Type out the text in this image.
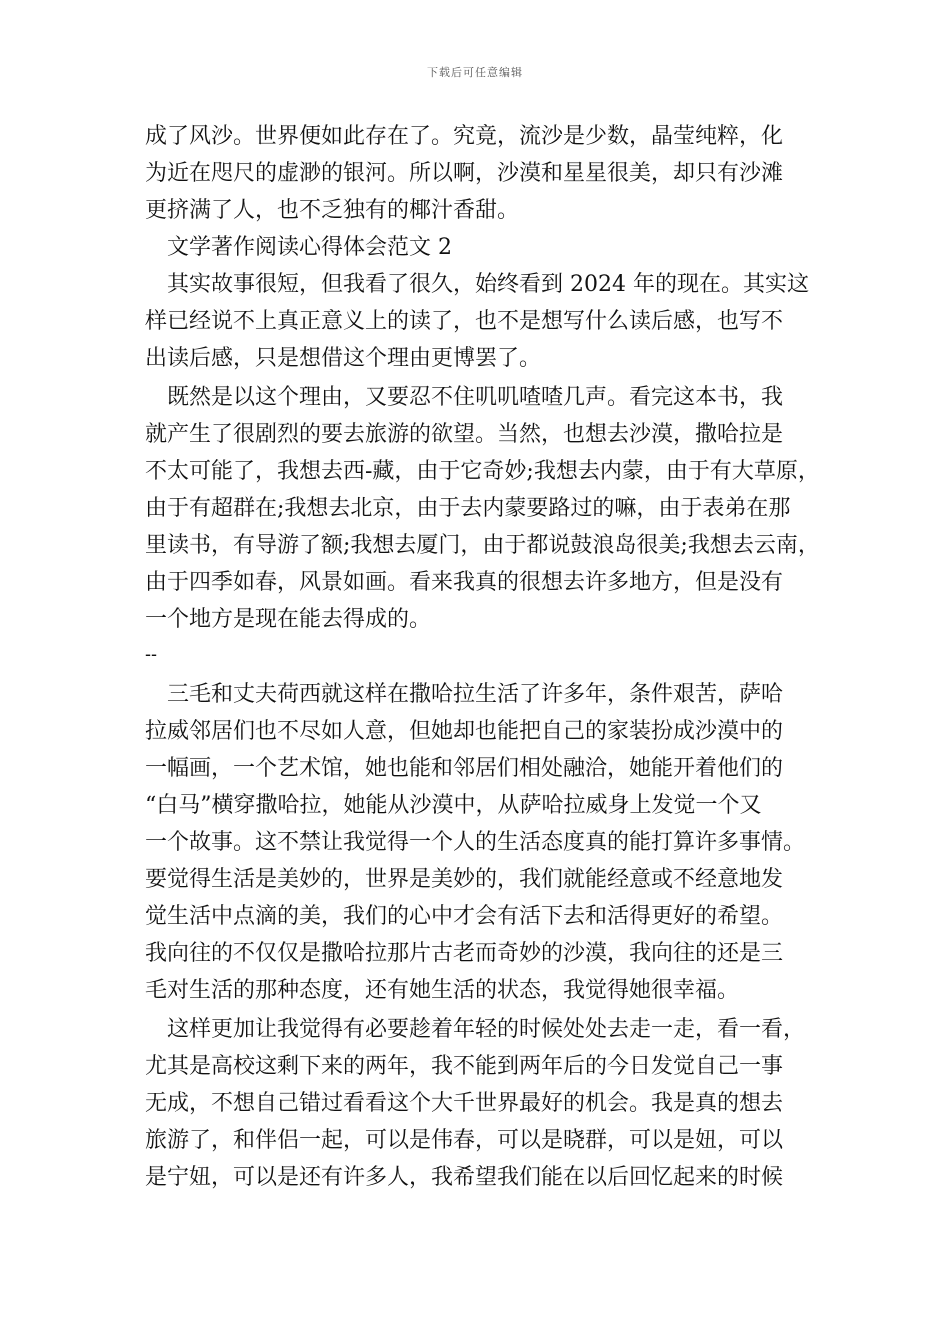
下载后可任意编辑
成了风沙。世界便如此存在了。究竟，流沙是少数，晶莹纯粹，化
为近在咫尺的虚渺的银河。所以啊，沙漠和星星很美，却只有沙滩
更挤满了人，也不乏独有的椰汁香甜。
文学著作阅读心得体会范文 2
　其实故事很短，但我看了很久，始终看到 2024 年的现在。其实这
样已经说不上真正意义上的读了，也不是想写什么读后感，也写不
出读后感，只是想借这个理由更博罢了。
　既然是以这个理由，又要忍不住叽叽喳喳几声。看完这本书，我
就产生了很剧烈的要去旅游的欲望。当然，也想去沙漠，撒哈拉是
不太可能了，我想去西-藏，由于它奇妙;我想去内蒙，由于有大草原，
由于有超群在;我想去北京，由于去内蒙要路过的嘛，由于表弟在那
里读书，有导游了额;我想去厦门，由于都说鼓浪岛很美;我想去云南，
由于四季如春，风景如画。看来我真的很想去许多地方，但是没有
一个地方是现在能去得成的。
--
　三毛和丈夫荷西就这样在撒哈拉生活了许多年，条件艰苦，萨哈
拉威邻居们也不尽如人意，但她却也能把自己的家装扮成沙漠中的
一幅画，一个艺术馆，她也能和邻居们相处融洽，她能开着他们的
“白马”横穿撒哈拉，她能从沙漠中，从萨哈拉威身上发觉一个又
一个故事。这不禁让我觉得一个人的生活态度真的能打算许多事情。
要觉得生活是美妙的，世界是美妙的，我们就能经意或不经意地发
觉生活中点滴的美，我们的心中才会有活下去和活得更好的希望。
我向往的不仅仅是撒哈拉那片古老而奇妙的沙漠，我向往的还是三
毛对生活的那种态度，还有她生活的状态，我觉得她很幸福。
　这样更加让我觉得有必要趁着年轻的时候处处去走一走，看一看，
尤其是高校这剩下来的两年，我不能到两年后的今日发觉自己一事
无成，不想自己错过看看这个大千世界最好的机会。我是真的想去
旅游了，和伴侣一起，可以是伟春，可以是晓群，可以是妞，可以
是宁妞，可以是还有许多人，我希望我们能在以后回忆起来的时候
